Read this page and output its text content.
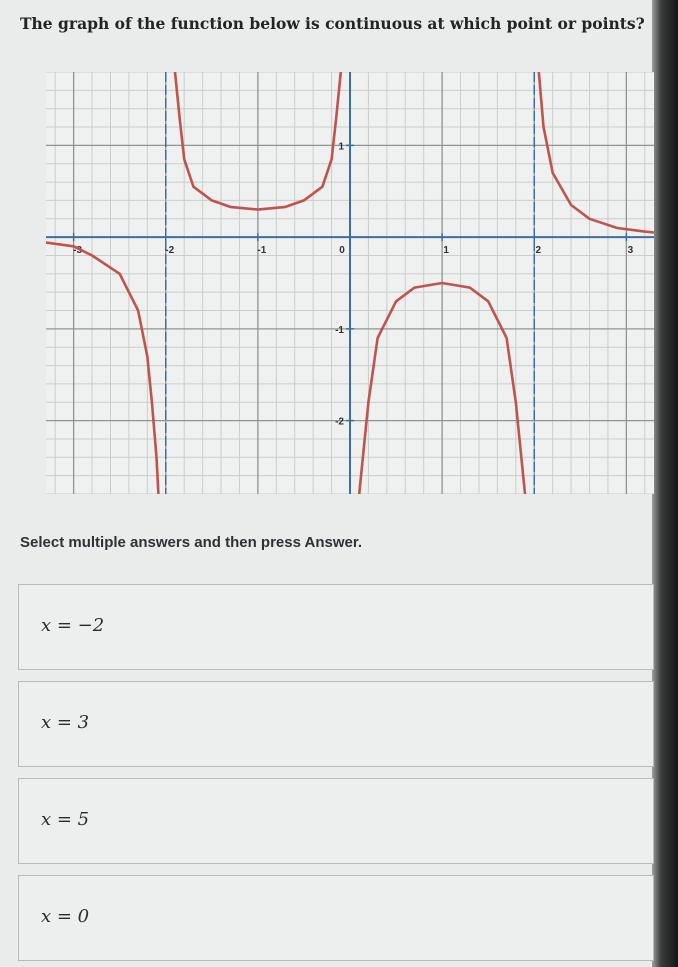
The graph of the function below is continuous at which point or points?
-3	-2	-1	0	1	2	3
1
-1
-2
Select multiple answers and then press Answer.
x = −2
x = 3
x = 5
x = 0
